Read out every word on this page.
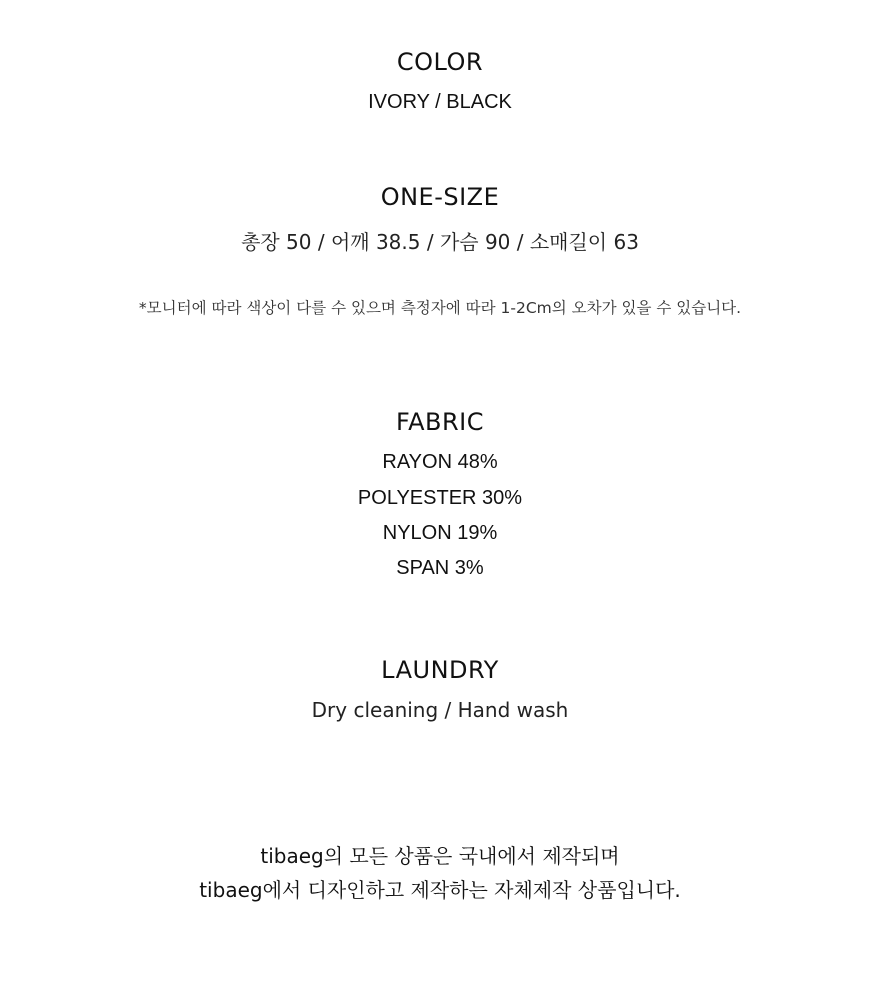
COLOR
IVORY / BLACK
ONE-SIZE
총장 50 / 어깨 38.5 / 가슴 90 / 소매길이 63
*모니터에 따라 색상이 다를 수 있으며 측정자에 따라 1-2Cm의 오차가 있을 수 있습니다.
FABRIC
RAYON 48%
POLYESTER 30%
NYLON 19%
SPAN 3%
LAUNDRY
Dry cleaning / Hand wash
tibaeg의 모든 상품은 국내에서 제작되며
tibaeg에서 디자인하고 제작하는 자체제작 상품입니다.
